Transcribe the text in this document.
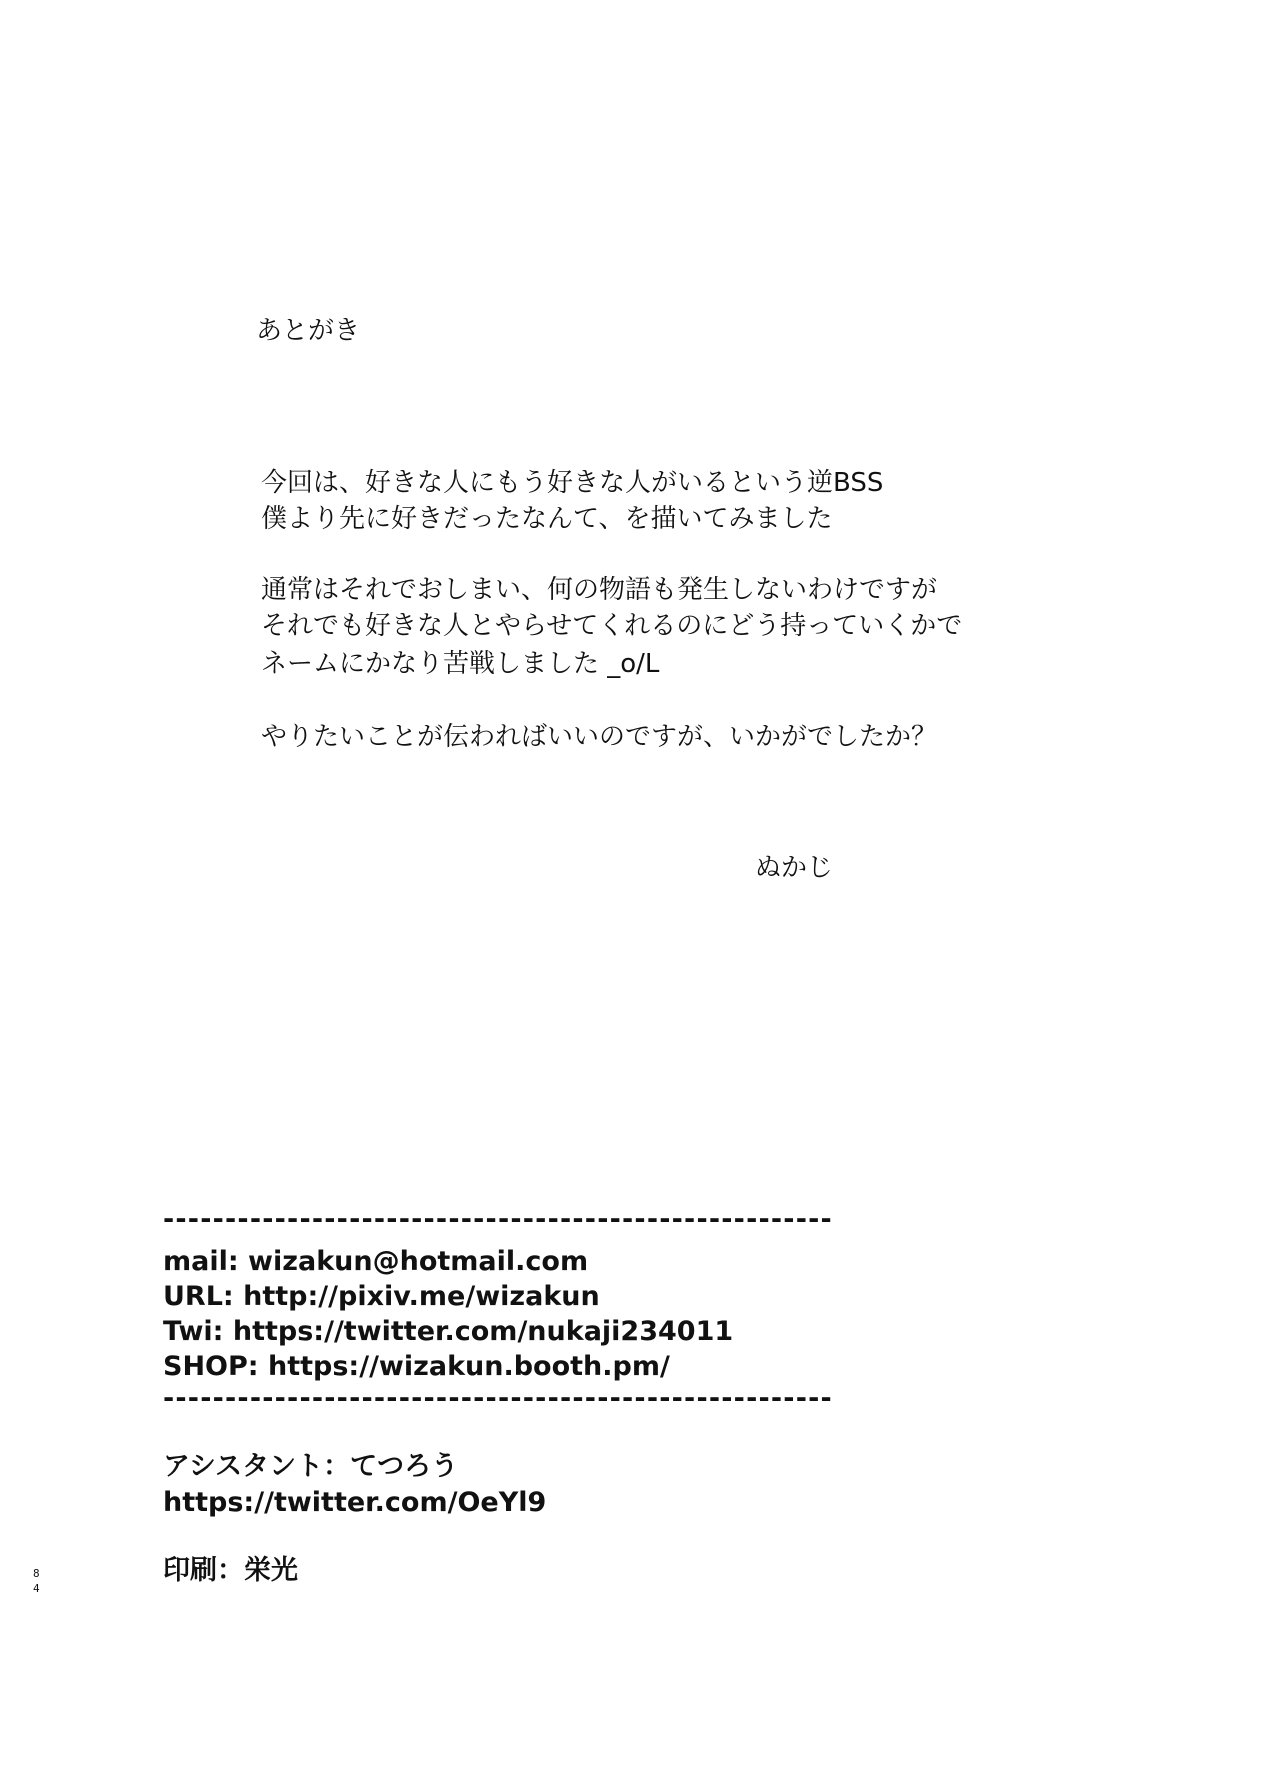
あとがき
今回は、好きな人にもう好きな人がいるという逆BSS
僕より先に好きだったなんて、を描いてみました
通常はそれでおしまい、何の物語も発生しないわけですが
それでも好きな人とやらせてくれるのにどう持っていくかで
ネームにかなり苦戦しました _o/L
やりたいことが伝わればいいのですが、いかがでしたか？
ぬかじ
------------------------------------------------------
mail: wizakun@hotmail.com
URL: http://pixiv.me/wizakun
Twi: https://twitter.com/nukaji234011
SHOP: https://wizakun.booth.pm/
------------------------------------------------------
アシスタント：てつろう
https://twitter.com/OeYl9
印刷：栄光
8
4
